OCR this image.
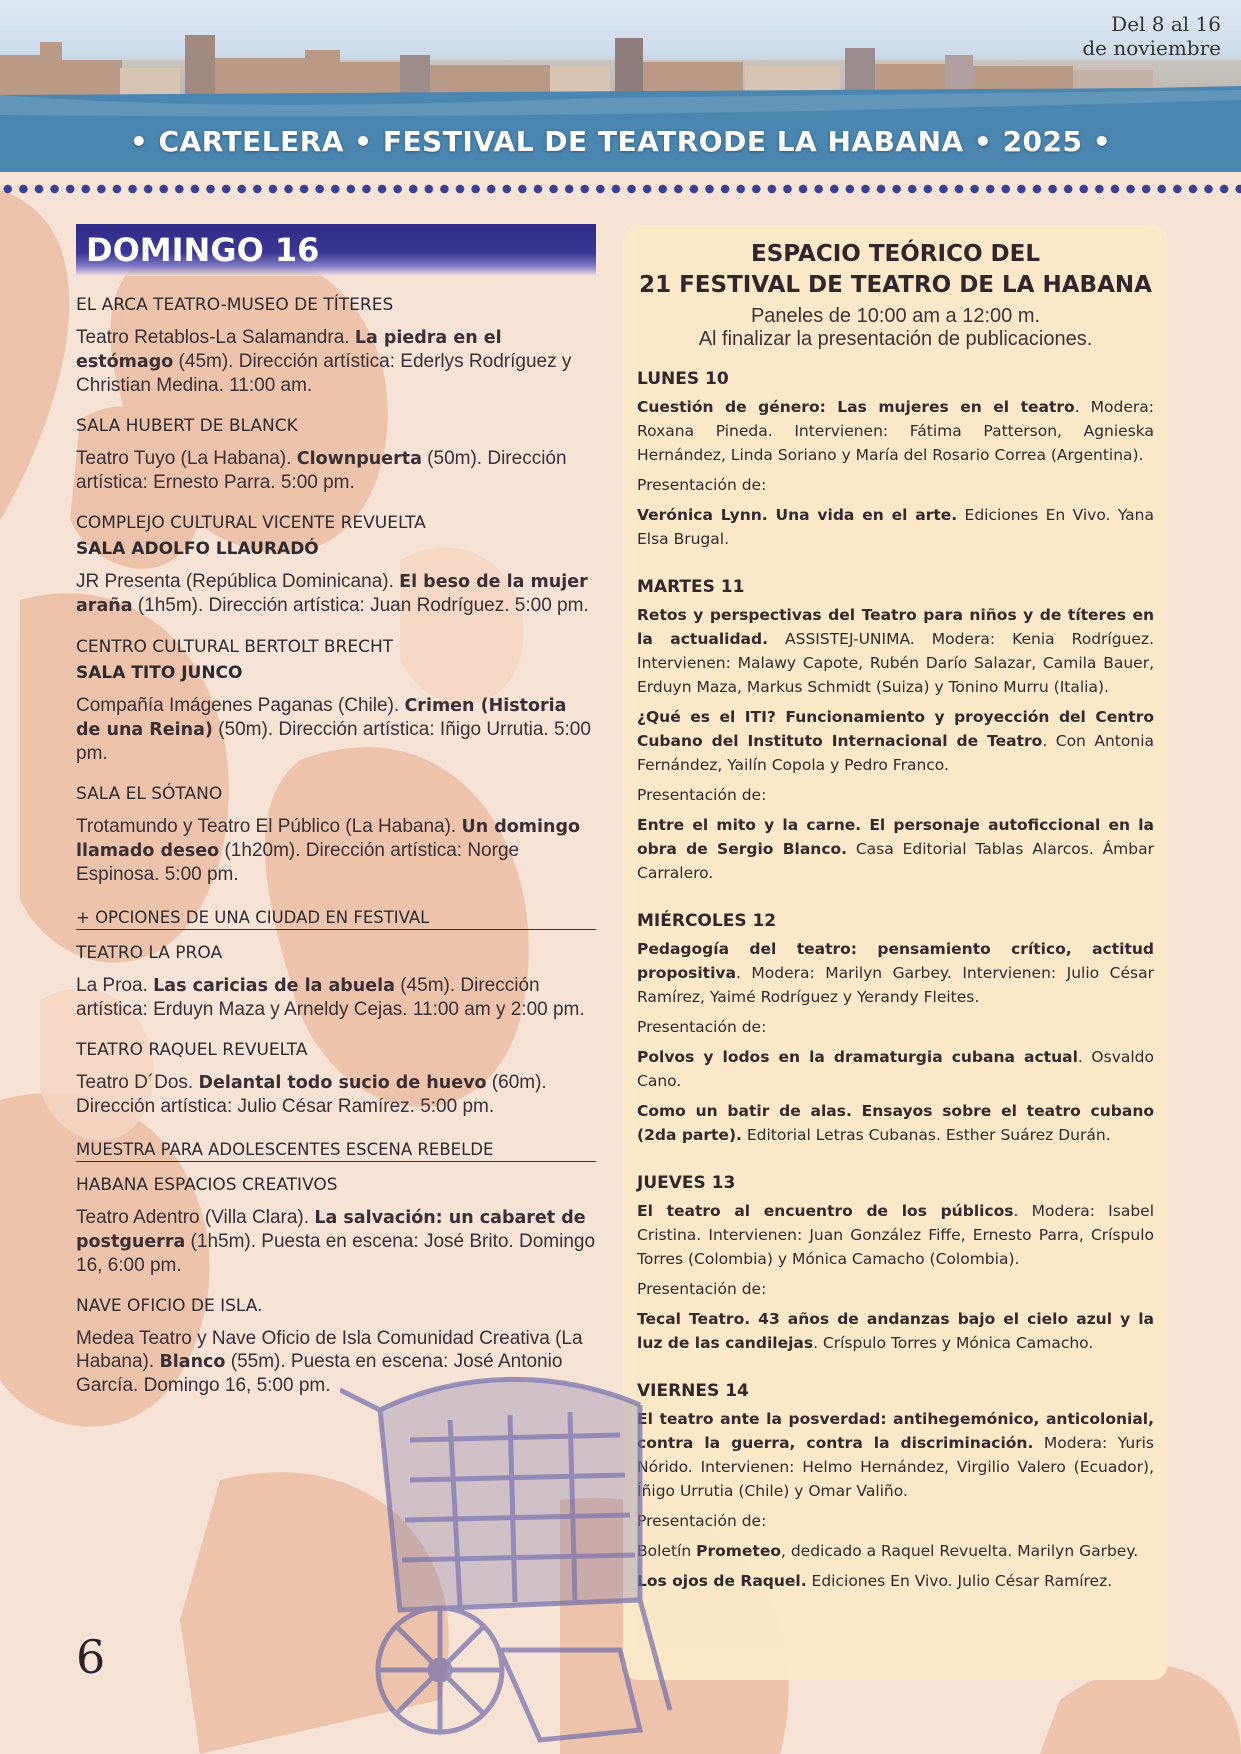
Del 8 al 16
de noviembre
• CARTELERA • FESTIVAL DE TEATRODE LA HABANA • 2025 •
DOMINGO 16
EL ARCA TEATRO-MUSEO DE TÍTERES
Teatro Retablos-La Salamandra. La piedra en el estómago (45m). Dirección artística: Ederlys Rodríguez y Christian Medina. 11:00 am.
SALA HUBERT DE BLANCK
Teatro Tuyo (La Habana). Clownpuerta (50m). Dirección artística: Ernesto Parra. 5:00 pm.
COMPLEJO CULTURAL VICENTE REVUELTA
SALA ADOLFO LLAURADÓ
JR Presenta (República Dominicana). El beso de la mujer araña (1h5m). Dirección artística: Juan Rodríguez. 5:00 pm.
CENTRO CULTURAL BERTOLT BRECHT
SALA TITO JUNCO
Compañía Imágenes Paganas (Chile). Crimen (Historia de una Reina) (50m). Dirección artística: Iñigo Urrutia. 5:00 pm.
SALA EL SÓTANO
Trotamundo y Teatro El Público (La Habana). Un domingo llamado deseo (1h20m). Dirección artística: Norge Espinosa. 5:00 pm.
+ OPCIONES DE UNA CIUDAD EN FESTIVAL
TEATRO LA PROA
La Proa. Las caricias de la abuela (45m). Dirección artística: Erduyn Maza y Arneldy Cejas. 11:00 am y 2:00 pm.
TEATRO RAQUEL REVUELTA
Teatro D´Dos. Delantal todo sucio de huevo (60m). Dirección artística: Julio César Ramírez. 5:00 pm.
MUESTRA PARA ADOLESCENTES ESCENA REBELDE
HABANA ESPACIOS CREATIVOS
Teatro Adentro (Villa Clara). La salvación: un cabaret de postguerra (1h5m). Puesta en escena: José Brito. Domingo 16, 6:00 pm.
NAVE OFICIO DE ISLA.
Medea Teatro y Nave Oficio de Isla Comunidad Creativa (La Habana). Blanco (55m). Puesta en escena: José Antonio García. Domingo 16, 5:00 pm.
ESPACIO TEÓRICO DEL
21 FESTIVAL DE TEATRO DE LA HABANA
Paneles de 10:00 am a 12:00 m.
Al finalizar la presentación de publicaciones.
LUNES 10
Cuestión de género: Las mujeres en el teatro. Modera: Roxana Pineda. Intervienen: Fátima Patterson, Agnieska Hernández, Linda Soriano y María del Rosario Correa (Argentina).
Presentación de:
Verónica Lynn. Una vida en el arte. Ediciones En Vivo. Yana Elsa Brugal.
MARTES 11
Retos y perspectivas del Teatro para niños y de títeres en la actualidad. ASSISTEJ-UNIMA. Modera: Kenia Rodríguez. Intervienen: Malawy Capote, Rubén Darío Salazar, Camila Bauer, Erduyn Maza, Markus Schmidt (Suiza) y Tonino Murru (Italia).
¿Qué es el ITI? Funcionamiento y proyección del Centro Cubano del Instituto Internacional de Teatro. Con Antonia Fernández, Yailín Copola y Pedro Franco.
Presentación de:
Entre el mito y la carne. El personaje autoficcional en la obra de Sergio Blanco. Casa Editorial Tablas Alarcos. Ámbar Carralero.
MIÉRCOLES 12
Pedagogía del teatro: pensamiento crítico, actitud propositiva. Modera: Marilyn Garbey. Intervienen: Julio César Ramírez, Yaimé Rodríguez y Yerandy Fleites.
Presentación de:
Polvos y lodos en la dramaturgia cubana actual. Osvaldo Cano.
Como un batir de alas. Ensayos sobre el teatro cubano (2da parte). Editorial Letras Cubanas. Esther Suárez Durán.
JUEVES 13
El teatro al encuentro de los públicos. Modera: Isabel Cristina. Intervienen: Juan González Fiffe, Ernesto Parra, Críspulo Torres (Colombia) y Mónica Camacho (Colombia).
Presentación de:
Tecal Teatro. 43 años de andanzas bajo el cielo azul y la luz de las candilejas. Críspulo Torres y Mónica Camacho.
VIERNES 14
El teatro ante la posverdad: antihegemónico, anticolonial, contra la guerra, contra la discriminación. Modera: Yuris Nórido. Intervienen: Helmo Hernández, Virgilio Valero (Ecuador), Íñigo Urrutia (Chile) y Omar Valiño.
Presentación de:
Boletín Prometeo, dedicado a Raquel Revuelta. Marilyn Garbey.
Los ojos de Raquel. Ediciones En Vivo. Julio César Ramírez.
6
